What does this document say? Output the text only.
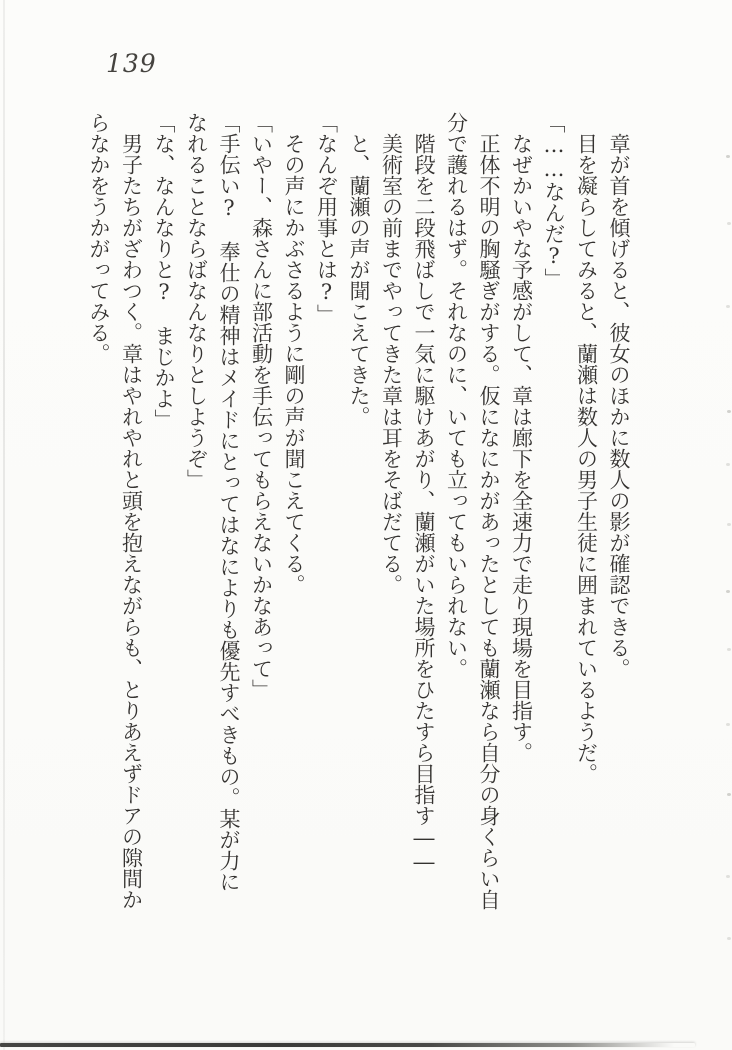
139

章が首を傾げると、彼女のほかに数人の影が確認できる。

目を凝らしてみると、蘭瀬は数人の男子生徒に囲まれているようだ。

「……なんだ?」

なぜかいやな予感がして、章は廊下を全速力で走り現場を目指す。

正体不明の胸騒ぎがする。仮になにかがあったとしても蘭瀬なら自分の身くらい自分で護れるはず。それなのに、いても立ってもいられない。

階段を二段飛ばしで一気に駆けあがり、蘭瀬がいた場所をひたすら目指す――

美術室の前までやってきた章は耳をそばだてる。

と、蘭瀬の声が聞こえてきた。

「なんぞ用事とは?」

その声にかぶさるように剛の声が聞こえてくる。

「いやー、森さんに部活動を手伝ってもらえないかなあって」

「手伝い?　奉仕の精神はメイドにとってはなによりも優先すべきもの。某が力になれることならばなんなりとしようぞ」

「な、なんなりと?　まじかよ」

男子たちがざわつく。章はやれやれと頭を抱えながらも、とりあえずドアの隙間からなかをうかがってみる。
